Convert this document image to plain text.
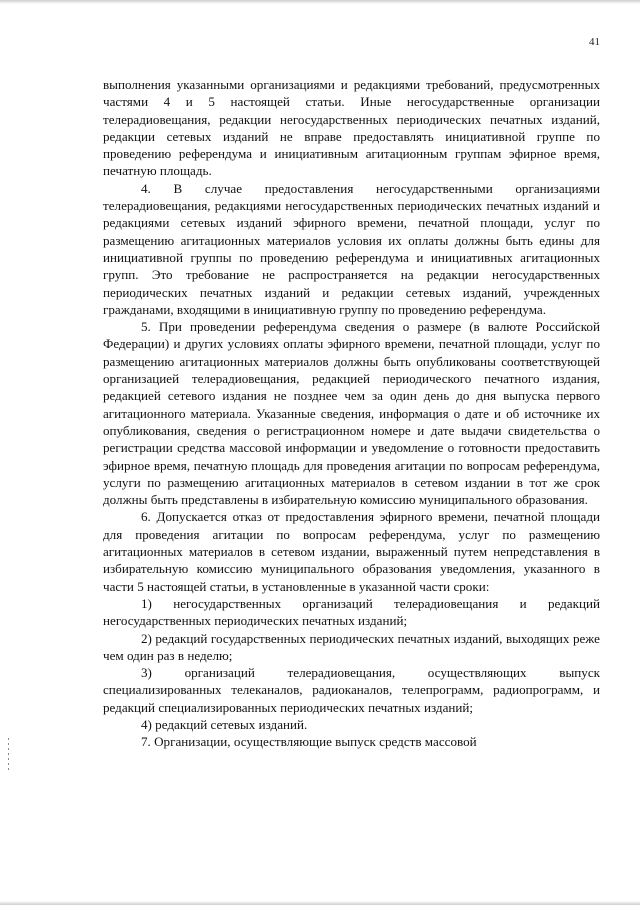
41

выполнения указанными организациями и редакциями требований, предусмотренных частями 4 и 5 настоящей статьи. Иные негосударственные организации телерадиовещания, редакции негосударственных периодических печатных изданий, редакции сетевых изданий не вправе предоставлять инициативной группе по проведению референдума и инициативным агитационным группам эфирное время, печатную площадь.

4. В случае предоставления негосударственными организациями телерадиовещания, редакциями негосударственных периодических печатных изданий и редакциями сетевых изданий эфирного времени, печатной площади, услуг по размещению агитационных материалов условия их оплаты должны быть едины для инициативной группы по проведению референдума и инициативных агитационных групп. Это требование не распространяется на редакции негосударственных периодических печатных изданий и редакции сетевых изданий, учрежденных гражданами, входящими в инициативную группу по проведению референдума.

5. При проведении референдума сведения о размере (в валюте Российской Федерации) и других условиях оплаты эфирного времени, печатной площади, услуг по размещению агитационных материалов должны быть опубликованы соответствующей организацией телерадиовещания, редакцией периодического печатного издания, редакцией сетевого издания не позднее чем за один день до дня выпуска первого агитационного материала. Указанные сведения, информация о дате и об источнике их опубликования, сведения о регистрационном номере и дате выдачи свидетельства о регистрации средства массовой информации и уведомление о готовности предоставить эфирное время, печатную площадь для проведения агитации по вопросам референдума, услуги по размещению агитационных материалов в сетевом издании в тот же срок должны быть представлены в избирательную комиссию муниципального образования.

6. Допускается отказ от предоставления эфирного времени, печатной площади для проведения агитации по вопросам референдума, услуг по размещению агитационных материалов в сетевом издании, выраженный путем непредставления в избирательную комиссию муниципального образования уведомления, указанного в части 5 настоящей статьи, в установленные в указанной части сроки:

1) негосударственных организаций телерадиовещания и редакций негосударственных периодических печатных изданий;

2) редакций государственных периодических печатных изданий, выходящих реже чем один раз в неделю;

3) организаций телерадиовещания, осуществляющих выпуск специализированных телеканалов, радиоканалов, телепрограмм, радиопрограмм, и редакций специализированных периодических печатных изданий;

4) редакций сетевых изданий.

7. Организации, осуществляющие выпуск средств массовой
